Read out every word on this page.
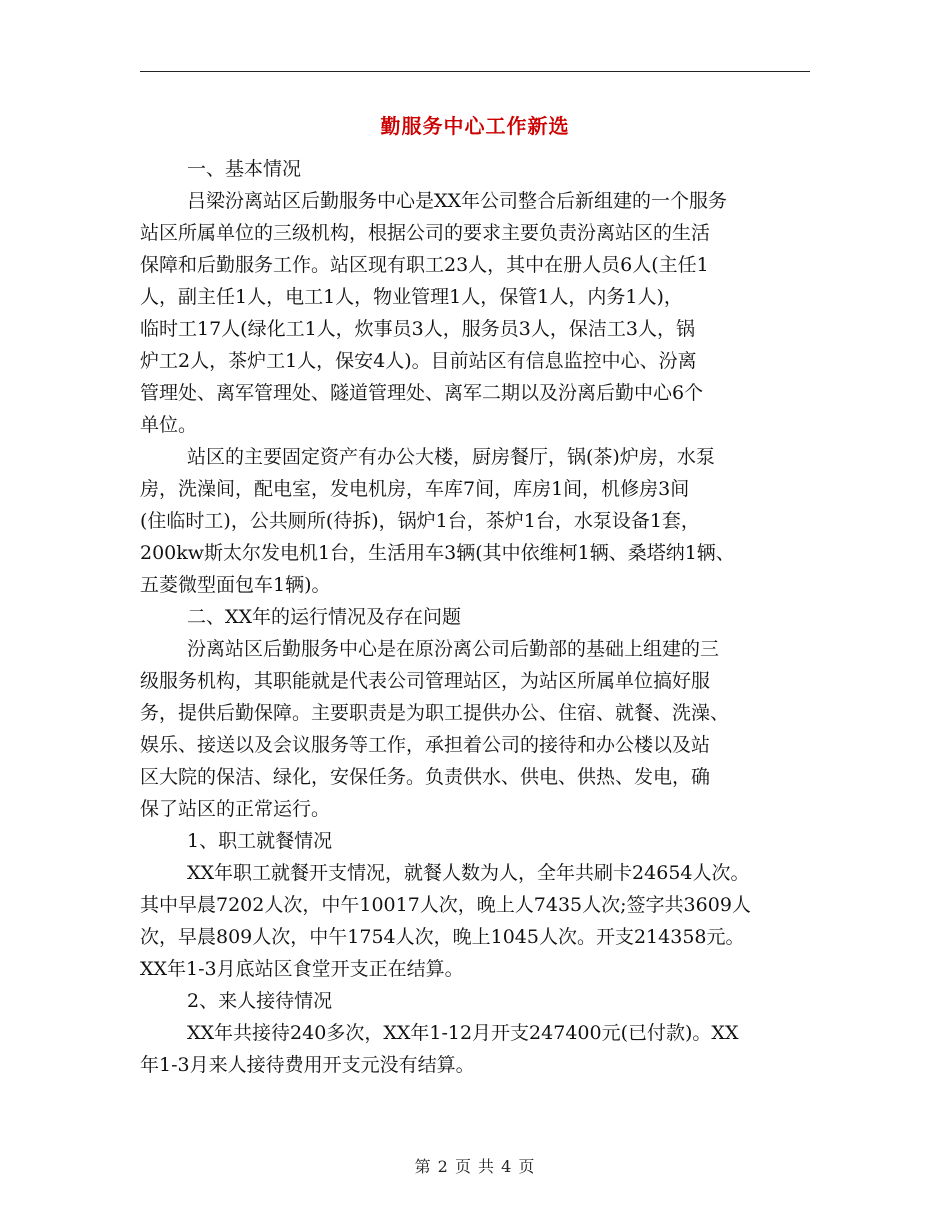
勤服务中心工作新选
一、基本情况
吕梁汾离站区后勤服务中心是XX年公司整合后新组建的一个服务
站区所属单位的三级机构，根据公司的要求主要负责汾离站区的生活
保障和后勤服务工作。站区现有职工23人，其中在册人员6人(主任1
人，副主任1人，电工1人，物业管理1人，保管1人，内务1人)，
临时工17人(绿化工1人，炊事员3人，服务员3人，保洁工3人，锅
炉工2人，茶炉工1人，保安4人)。目前站区有信息监控中心、汾离
管理处、离军管理处、隧道管理处、离军二期以及汾离后勤中心6个
单位。
站区的主要固定资产有办公大楼，厨房餐厅，锅(茶)炉房，水泵
房，洗澡间，配电室，发电机房，车库7间，库房1间，机修房3间
(住临时工)，公共厕所(待拆)，锅炉1台，茶炉1台，水泵设备1套，
200kw斯太尔发电机1台，生活用车3辆(其中依维柯1辆、桑塔纳1辆、
五菱微型面包车1辆)。
二、XX年的运行情况及存在问题
汾离站区后勤服务中心是在原汾离公司后勤部的基础上组建的三
级服务机构，其职能就是代表公司管理站区，为站区所属单位搞好服
务，提供后勤保障。主要职责是为职工提供办公、住宿、就餐、洗澡、
娱乐、接送以及会议服务等工作，承担着公司的接待和办公楼以及站
区大院的保洁、绿化，安保任务。负责供水、供电、供热、发电，确
保了站区的正常运行。
1、职工就餐情况
XX年职工就餐开支情况，就餐人数为人，全年共刷卡24654人次。
其中早晨7202人次，中午10017人次，晚上人7435人次;签字共3609人
次，早晨809人次，中午1754人次，晚上1045人次。开支214358元。
XX年1-3月底站区食堂开支正在结算。
2、来人接待情况
XX年共接待240多次，XX年1-12月开支247400元(已付款)。XX
年1-3月来人接待费用开支元没有结算。
第 2 页 共 4 页
